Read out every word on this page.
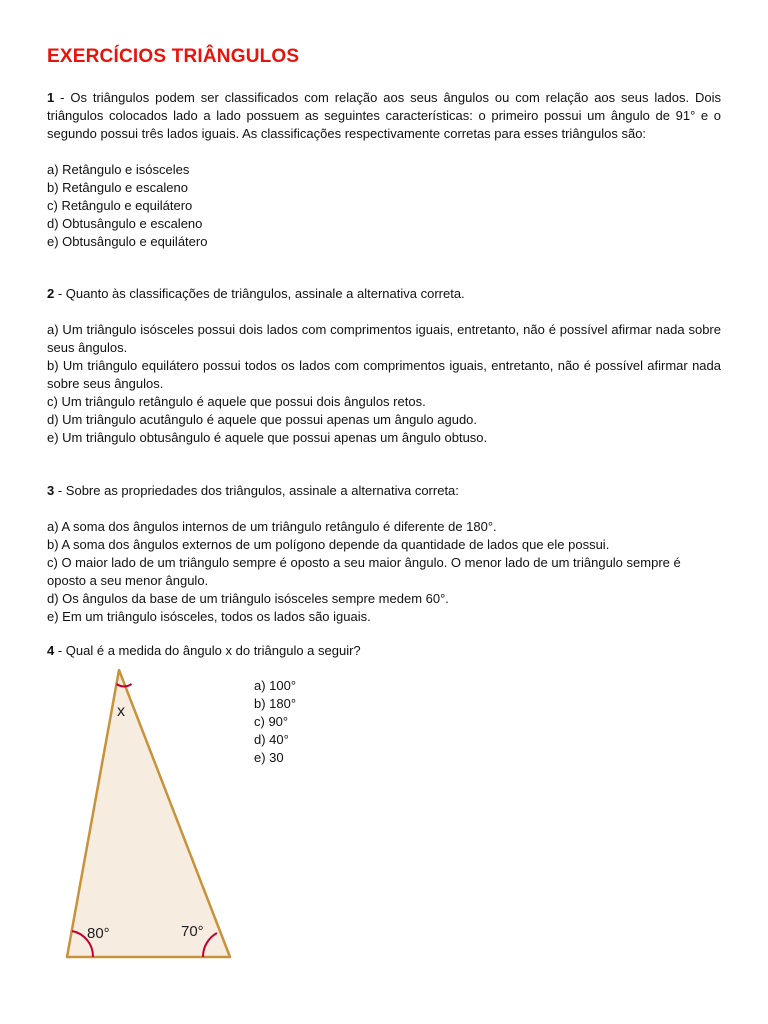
EXERCÍCIOS TRIÂNGULOS

1 - Os triângulos podem ser classificados com relação aos seus ângulos ou com relação aos seus lados. Dois triângulos colocados lado a lado possuem as seguintes características: o primeiro possui um ângulo de 91° e o segundo possui três lados iguais. As classificações respectivamente corretas para esses triângulos são:

a) Retângulo e isósceles

b) Retângulo e escaleno

c) Retângulo e equilátero

d) Obtusângulo e escaleno

e) Obtusângulo e equilátero

2 - Quanto às classificações de triângulos, assinale a alternativa correta.

a) Um triângulo isósceles possui dois lados com comprimentos iguais, entretanto, não é possível afirmar nada sobre seus ângulos.

b) Um triângulo equilátero possui todos os lados com comprimentos iguais, entretanto, não é possível afirmar nada sobre seus ângulos.

c) Um triângulo retângulo é aquele que possui dois ângulos retos.

d) Um triângulo acutângulo é aquele que possui apenas um ângulo agudo.

e) Um triângulo obtusângulo é aquele que possui apenas um ângulo obtuso.

3 - Sobre as propriedades dos triângulos, assinale a alternativa correta:

a) A soma dos ângulos internos de um triângulo retângulo é diferente de 180°.

b) A soma dos ângulos externos de um polígono depende da quantidade de lados que ele possui.

c) O maior lado de um triângulo sempre é oposto a seu maior ângulo. O menor lado de um triângulo sempre é oposto a seu menor ângulo.

d) Os ângulos da base de um triângulo isósceles sempre medem 60°.

e) Em um triângulo isósceles, todos os lados são iguais.

4 - Qual é a medida do ângulo x do triângulo a seguir?

x
80°	70°

a) 100°

b) 180°

c) 90°

d) 40°

e) 30
